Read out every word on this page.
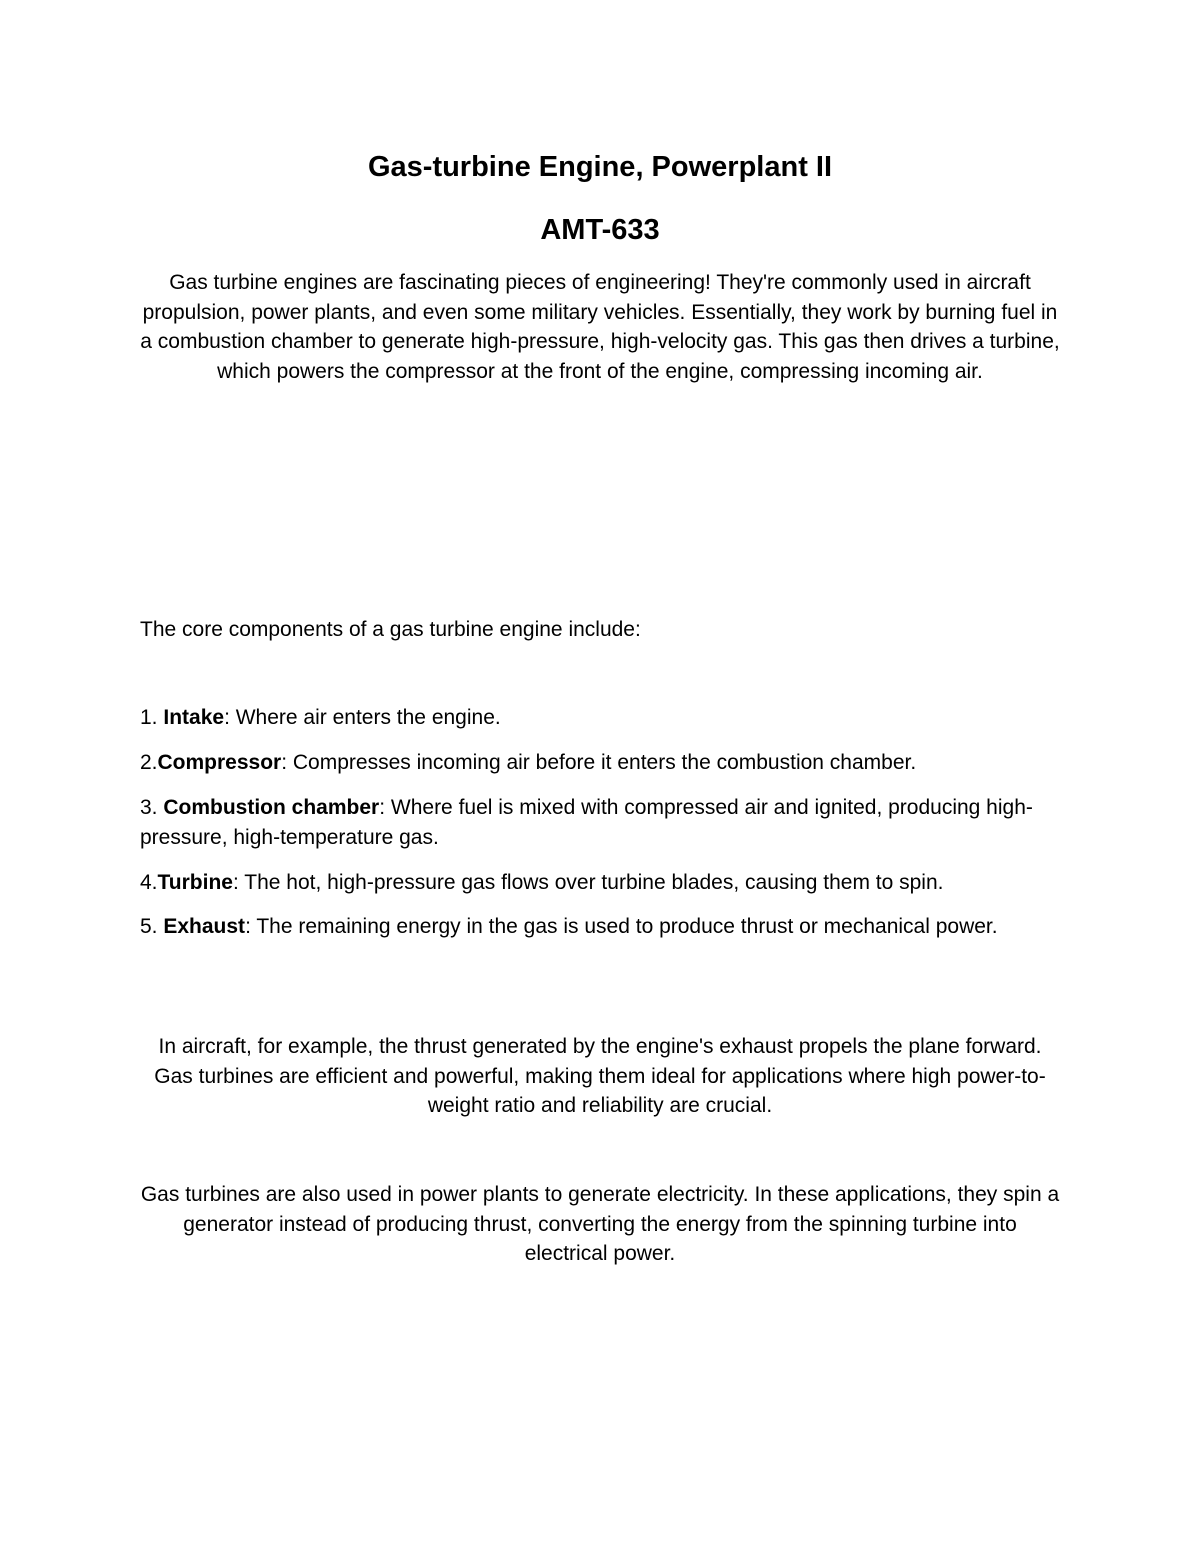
Gas-turbine Engine, Powerplant II
AMT-633

Gas turbine engines are fascinating pieces of engineering! They're commonly used in aircraft propulsion, power plants, and even some military vehicles. Essentially, they work by burning fuel in a combustion chamber to generate high-pressure, high-velocity gas. This gas then drives a turbine, which powers the compressor at the front of the engine, compressing incoming air.

The core components of a gas turbine engine include:

1. Intake: Where air enters the engine.

2.Compressor: Compresses incoming air before it enters the combustion chamber.

3. Combustion chamber: Where fuel is mixed with compressed air and ignited, producing high-pressure, high-temperature gas.

4.Turbine: The hot, high-pressure gas flows over turbine blades, causing them to spin.

5. Exhaust: The remaining energy in the gas is used to produce thrust or mechanical power.

In aircraft, for example, the thrust generated by the engine's exhaust propels the plane forward. Gas turbines are efficient and powerful, making them ideal for applications where high power-to-weight ratio and reliability are crucial.

Gas turbines are also used in power plants to generate electricity. In these applications, they spin a generator instead of producing thrust, converting the energy from the spinning turbine into electrical power.
